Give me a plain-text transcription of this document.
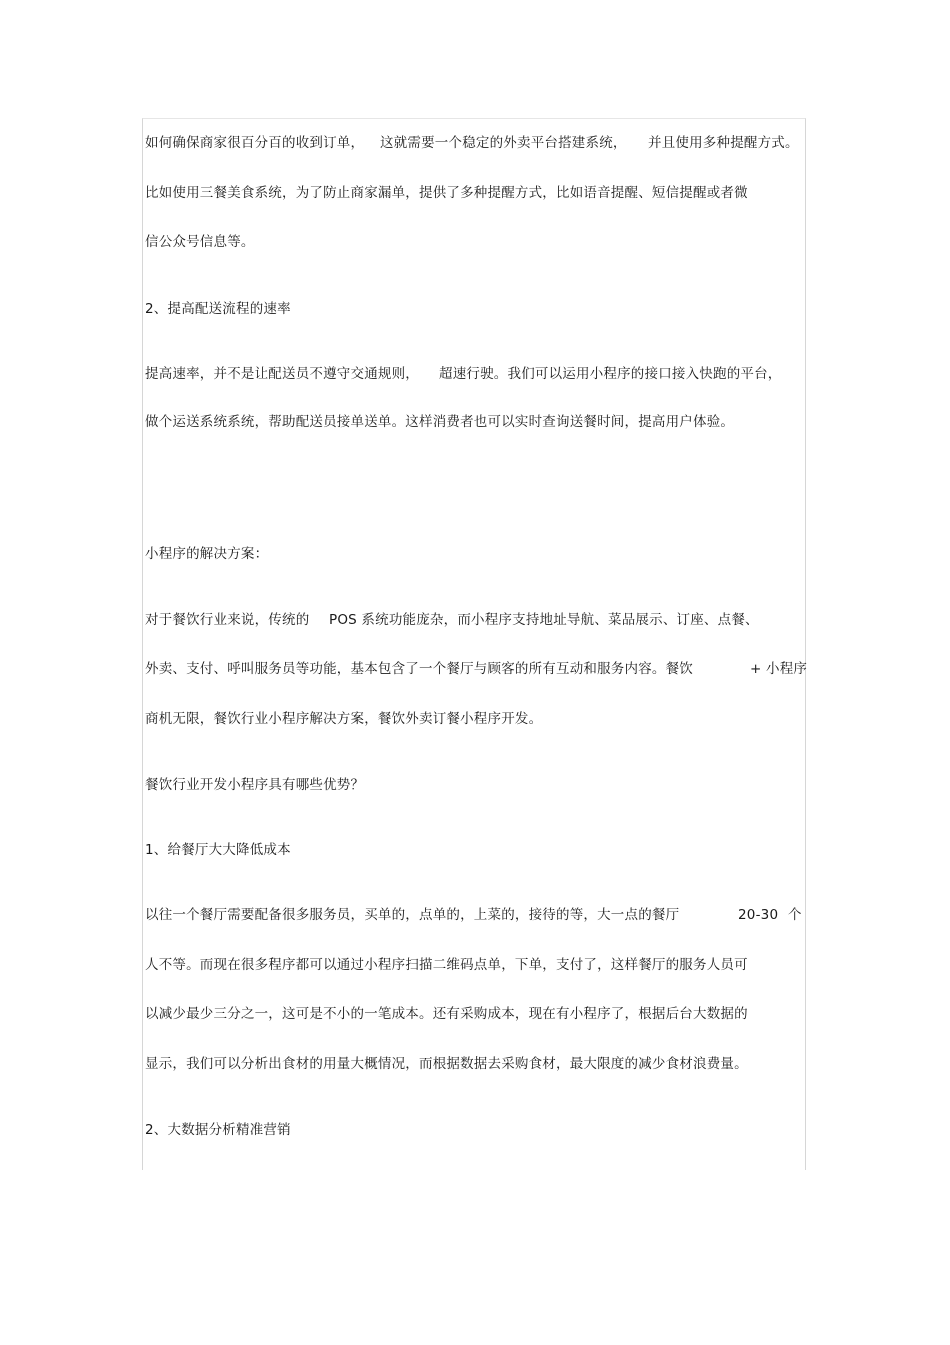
如何确保商家很百分百的收到订单， 这就需要一个稳定的外卖平台搭建系统， 并且使用多种提醒方式。
比如使用三餐美食系统，为了防止商家漏单，提供了多种提醒方式，比如语音提醒、短信提醒或者微
信公众号信息等。
2、提高配送流程的速率
提高速率，并不是让配送员不遵守交通规则， 超速行驶。我们可以运用小程序的接口接入快跑的平台，
做个运送系统系统，帮助配送员接单送单。这样消费者也可以实时查询送餐时间，提高用户体验。
小程序的解决方案：
对于餐饮行业来说，传统的 POS 系统功能庞杂，而小程序支持地址导航、菜品展示、订座、点餐、
外卖、支付、呼叫服务员等功能，基本包含了一个餐厅与顾客的所有互动和服务内容。餐饮	+ 小程序
商机无限，餐饮行业小程序解决方案，餐饮外卖订餐小程序开发。
餐饮行业开发小程序具有哪些优势？
1、给餐厅大大降低成本
以往一个餐厅需要配备很多服务员，买单的，点单的，上菜的，接待的等，大一点的餐厅	20-30 个
人不等。而现在很多程序都可以通过小程序扫描二维码点单，下单，支付了，这样餐厅的服务人员可
以减少最少三分之一，这可是不小的一笔成本。还有采购成本，现在有小程序了，根据后台大数据的
显示，我们可以分析出食材的用量大概情况，而根据数据去采购食材，最大限度的减少食材浪费量。
2、大数据分析精准营销
